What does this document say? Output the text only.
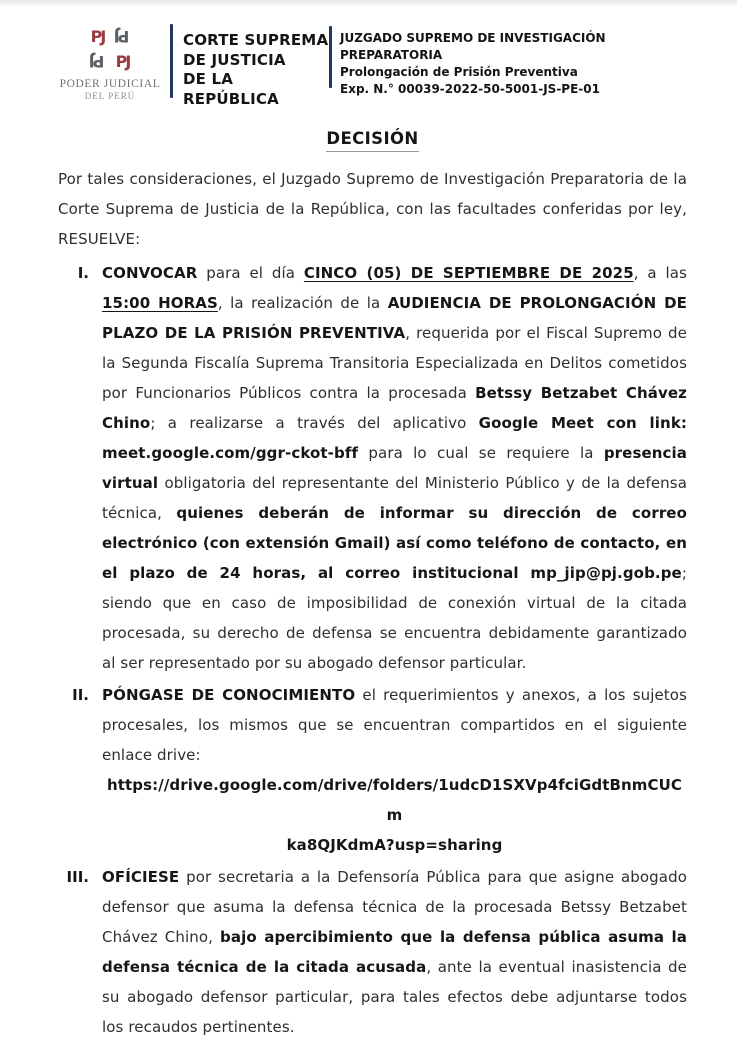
PJ PJ
PJ PJ
PODER JUDICIAL
DEL PERÚ
CORTE SUPREMA
DE JUSTICIA
DE LA REPÚBLICA
JUZGADO SUPREMO DE INVESTIGACIÓN PREPARATORIA
Prolongación de Prisión Preventiva
Exp. N.° 00039-2022-50-5001-JS-PE-01
DECISIÓN

Por tales consideraciones, el Juzgado Supremo de Investigación Preparatoria de la Corte Suprema de Justicia de la República, con las facultades conferidas por ley, RESUELVE:

I. CONVOCAR para el día CINCO (05) DE SEPTIEMBRE DE 2025, a las 15:00 HORAS, la realización de la AUDIENCIA DE PROLONGACIÓN DE PLAZO DE LA PRISIÓN PREVENTIVA, requerida por el Fiscal Supremo de la Segunda Fiscalía Suprema Transitoria Especializada en Delitos cometidos por Funcionarios Públicos contra la procesada Betssy Betzabet Chávez Chino; a realizarse a través del aplicativo Google Meet con link: meet.google.com/ggr-ckot-bff para lo cual se requiere la presencia virtual obligatoria del representante del Ministerio Público y de la defensa técnica, quienes deberán de informar su dirección de correo electrónico (con extensión Gmail) así como teléfono de contacto, en el plazo de 24 horas, al correo institucional mp_jip@pj.gob.pe; siendo que en caso de imposibilidad de conexión virtual de la citada procesada, su derecho de defensa se encuentra debidamente garantizado al ser representado por su abogado defensor particular.
II. PÓNGASE DE CONOCIMIENTO el requerimientos y anexos, a los sujetos procesales, los mismos que se encuentran compartidos en el siguiente enlace drive:
https://drive.google.com/drive/folders/1udcD1SXVp4fciGdtBnmCUCm
ka8QJKdmA?usp=sharing
III. OFÍCIESE por secretaria a la Defensoría Pública para que asigne abogado defensor que asuma la defensa técnica de la procesada Betssy Betzabet Chávez Chino, bajo apercibimiento que la defensa pública asuma la defensa técnica de la citada acusada, ante la eventual inasistencia de su abogado defensor particular, para tales efectos debe adjuntarse todos los recaudos pertinentes.
